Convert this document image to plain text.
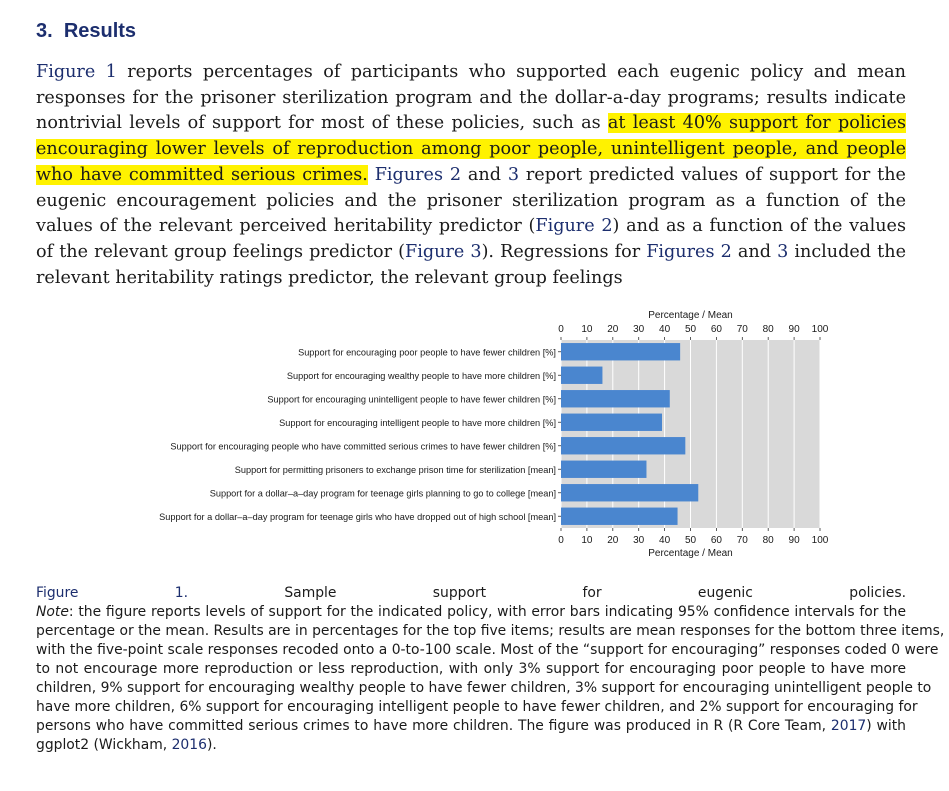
3. Results

Figure 1 reports percentages of participants who supported each eugenic policy and mean responses for the prisoner sterilization program and the dollar-a-day programs; results indicate nontrivial levels of support for most of these policies, such as at least 40% support for policies encouraging lower levels of reproduction among poor people, unintelligent people, and people who have committed serious crimes. Figures 2 and 3 report predicted values of support for the eugenic encouragement policies and the prisoner sterilization program as a function of the values of the relevant perceived heritability predictor (Figure 2) and as a function of the values of the relevant group feelings predictor (Figure 3). Regressions for Figures 2 and 3 included the relevant heritability ratings predictor, the relevant group feelings

0
0
10
10
20
20
30
30
40
40
50
50
60
60
70
70
80
80
90
90
100
100
Percentage / Mean
Percentage / Mean
Support for encouraging poor people to have fewer children [%]
Support for encouraging wealthy people to have more children [%]
Support for encouraging unintelligent people to have fewer children [%]
Support for encouraging intelligent people to have more children [%]
Support for encouraging people who have committed serious crimes to have fewer children [%]
Support for permitting prisoners to exchange prison time for sterilization [mean]
Support for a dollar–a–day program for teenage girls planning to go to college [mean]
Support for a dollar–a–day program for teenage girls who have dropped out of high school [mean]
Figure 1. Sample support for eugenic policies.
Note: the figure reports levels of support for the indicated policy, with error bars indicating 95% confidence intervals for the
percentage or the mean. Results are in percentages for the top five items; results are mean responses for the bottom three items,
with the five-point scale responses recoded onto a 0-to-100 scale. Most of the “support for encouraging” responses coded 0 were
to not encourage more reproduction or less reproduction, with only 3% support for encouraging poor people to have more
children, 9% support for encouraging wealthy people to have fewer children, 3% support for encouraging unintelligent people to
have more children, 6% support for encouraging intelligent people to have fewer children, and 2% support for encouraging for
persons who have committed serious crimes to have more children. The figure was produced in R (R Core Team, 2017) with
ggplot2 (Wickham, 2016).
